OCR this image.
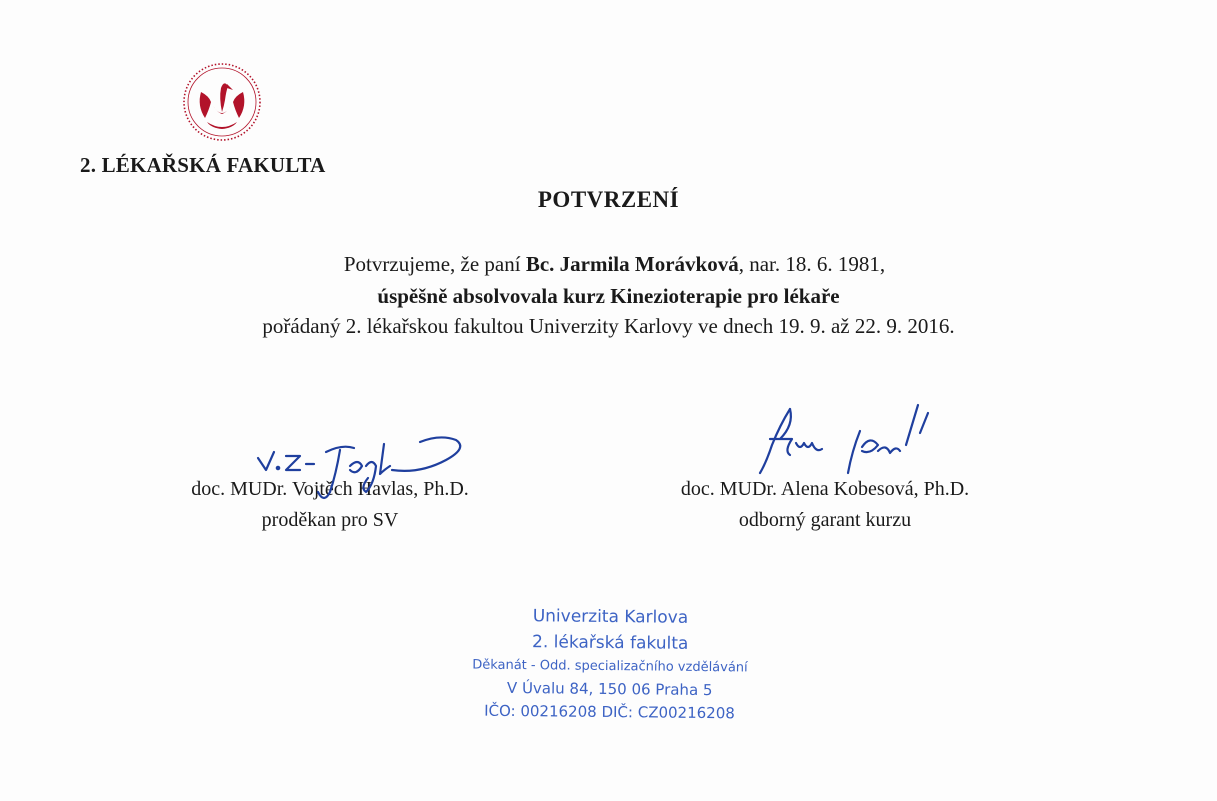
2. LÉKAŘSKÁ FAKULTA
POTVRZENÍ
Potvrzujeme, že paní Bc. Jarmila Morávková, nar. 18. 6. 1981,
úspěšně absolvovala kurz Kinezioterapie pro lékaře
pořádaný 2. lékařskou fakultou Univerzity Karlovy ve dnech 19. 9. až 22. 9. 2016.
doc. MUDr. Vojtěch Havlas, Ph.D.
proděkan pro SV
doc. MUDr. Alena Kobesová, Ph.D.
odborný garant kurzu
Univerzita Karlova
2. lékařská fakulta
Děkanát - Odd. specializačního vzdělávání
V Úvalu 84, 150 06 Praha 5
IČO: 00216208 DIČ: CZ00216208
